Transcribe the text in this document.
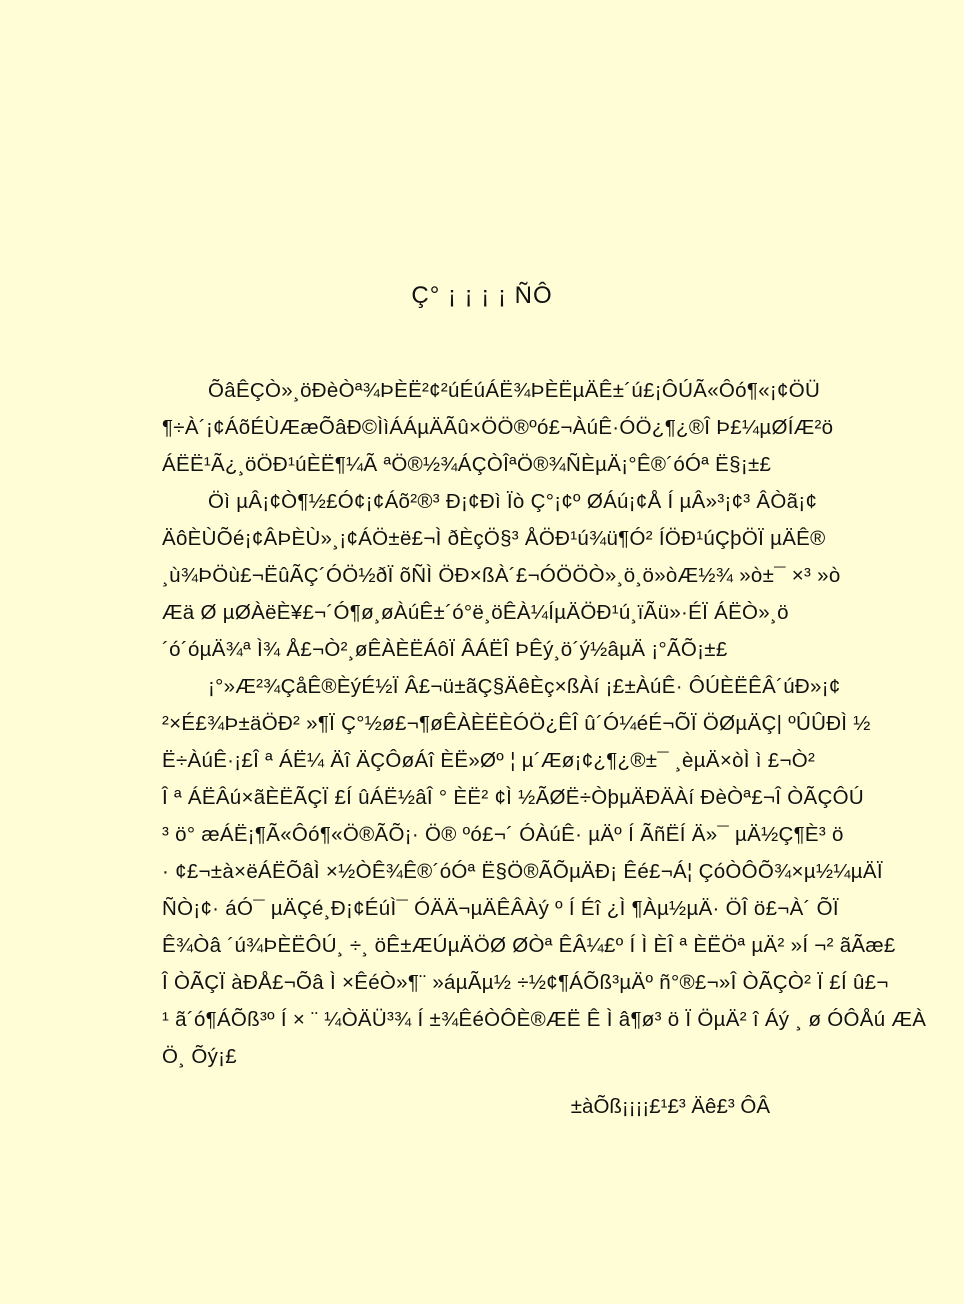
Ç° ¡ ¡ ¡ ¡ ÑÔ
ÕâÊÇÒ»¸öÐèÒª¾ÞÈË²¢²úÉúÁË¾ÞÈËµÄÊ±´ú£¡ÔÚÃ«Ôó¶«¡¢ÖÜ
¶÷À´¡¢ÁõÉÙÆæÕâÐ©ÌìÁÁµÄÃû×ÖÖ®ºó£¬ÀúÊ·ÓÖ¿¶¿®Î Þ£¼µØÍÆ²ö
ÁËË¹Ã¿¸öÖÐ¹úÈË¶¼Ã ªÖ®½¾ÁÇÒÎªÖ®¾ÑÈµÄ¡°Ê®´óÓª Ë§¡±£
Öì µÂ¡¢Ò¶½£Ó¢¡¢Áõ²®³ Ð¡¢Ðì Ïò Ç°¡¢º ØÁú¡¢Å Í µÂ»³¡¢³ ÂÒã¡¢
ÄôÈÙÕé¡¢ÂÞÈÙ»¸¡¢ÁÖ±ë£¬Ì ðÈçÖ§³ ÅÖÐ¹ú¾ü¶Ó² ÍÖÐ¹úÇþÖÏ µÄÊ®
¸ù¾ÞÖù£¬ËûÃÇ´ÓÖ½ðÏ õÑÌ ÖÐ×ßÀ´£¬ÓÖÖÒ»¸ö¸ö»òÆ½¾ »ò±¯ ×³ »ò
Æä Ø µØÀëÈ¥£¬´Ó¶ø¸øÀúÊ±´ó°ë¸öÊÀ¼ÍµÄÖÐ¹ú¸ïÃü»·ÉÏ ÁËÒ»¸ö
´ó´óµÄ¾ª Ì¾ Å£¬Ò²¸øÊÀÈËÁôÏ ÂÁËÎ ÞÊý¸ö´ý½âµÄ ¡°ÃÕ¡±£
¡°»Æ²¾ÇåÊ®ÈýÉ½Ï Â£¬ü±ãÇ§ÄêÈç×ßÀí ¡£±ÀúÊ· ÔÚÈËÊÂ´úÐ»¡¢
²×É£¾Þ±äÖÐ² »¶Ï Ç°½ø£¬¶øÊÀÈËÈÓÖ¿ÊÎ û´Ó¼éÉ¬ÕÏ ÖØµÄÇ| ºÛÛÐÌ ½
Ë÷ÀúÊ·¡£Î ª ÁË¼ Äî ÄÇÔøÁî ÈË»Øº ¦ µ´Æø¡¢¿¶¿®±¯ ¸èµÄ×òÌ ì £¬Ò²
Î ª ÁËÂú×ãÈËÃÇÏ £Í ûÁË½âÎ ° ÈË² ¢Ì ½ÃØË÷ÒþµÄÐÄÀí ÐèÒª£¬Î ÒÃÇÔÚ
³ ö° æÁË¡¶Ã«Ôó¶«Ö®ÃÕ¡· Ö® ºó£¬´ ÓÀúÊ· µÄº Í ÃñËÍ Ä»¯ µÄ½Ç¶È³ ö
· ¢£¬±à×ëÁËÕâÌ ×½ÒÊ¾Ê®´óÓª Ë§Ö®ÃÕµÄÐ¡ Êé£¬Á¦ ÇóÒÔÕ¾×µ½¼µÄÏ
ÑÒ¡¢· áÓ¯ µÄÇé¸Ð¡¢ÉúÌ¯ ÓÄÄ¬µÄÊÂÀý º Í Éî ¿Ì ¶Àµ½µÄ· ÖÎ ö£¬À´ ÕÏ
Ê¾Òâ ´ú¾ÞÈËÔÚ¸ ÷¸ öÊ±ÆÚµÄÖØ ØÒª ÊÂ¼£º Í Ì ÈÎ ª ÈËÖª µÄ² »Í ¬² ãÃæ£
Î ÒÃÇÏ àÐÅ£¬Õâ Ì ×ÊéÒ»¶¨ »áµÃµ½ ÷½¢¶ÁÕß³µÄº ñ°®£¬»Î ÒÃÇÒ² Ï £Í û£¬
¹ ã´ó¶ÁÕß³º Í × ¨ ¼ÒÄÜ³¾ Í ±¾ÊéÒÔÈ®ÆË Ê Ì â¶ø³ ö Ï ÖµÄ² î Áý ¸ ø ÓÔÅú ÆÀ
Ö¸ Õý¡£
±àÕß¡¡¡¡£¹£³ Äê£³ ÔÂ
